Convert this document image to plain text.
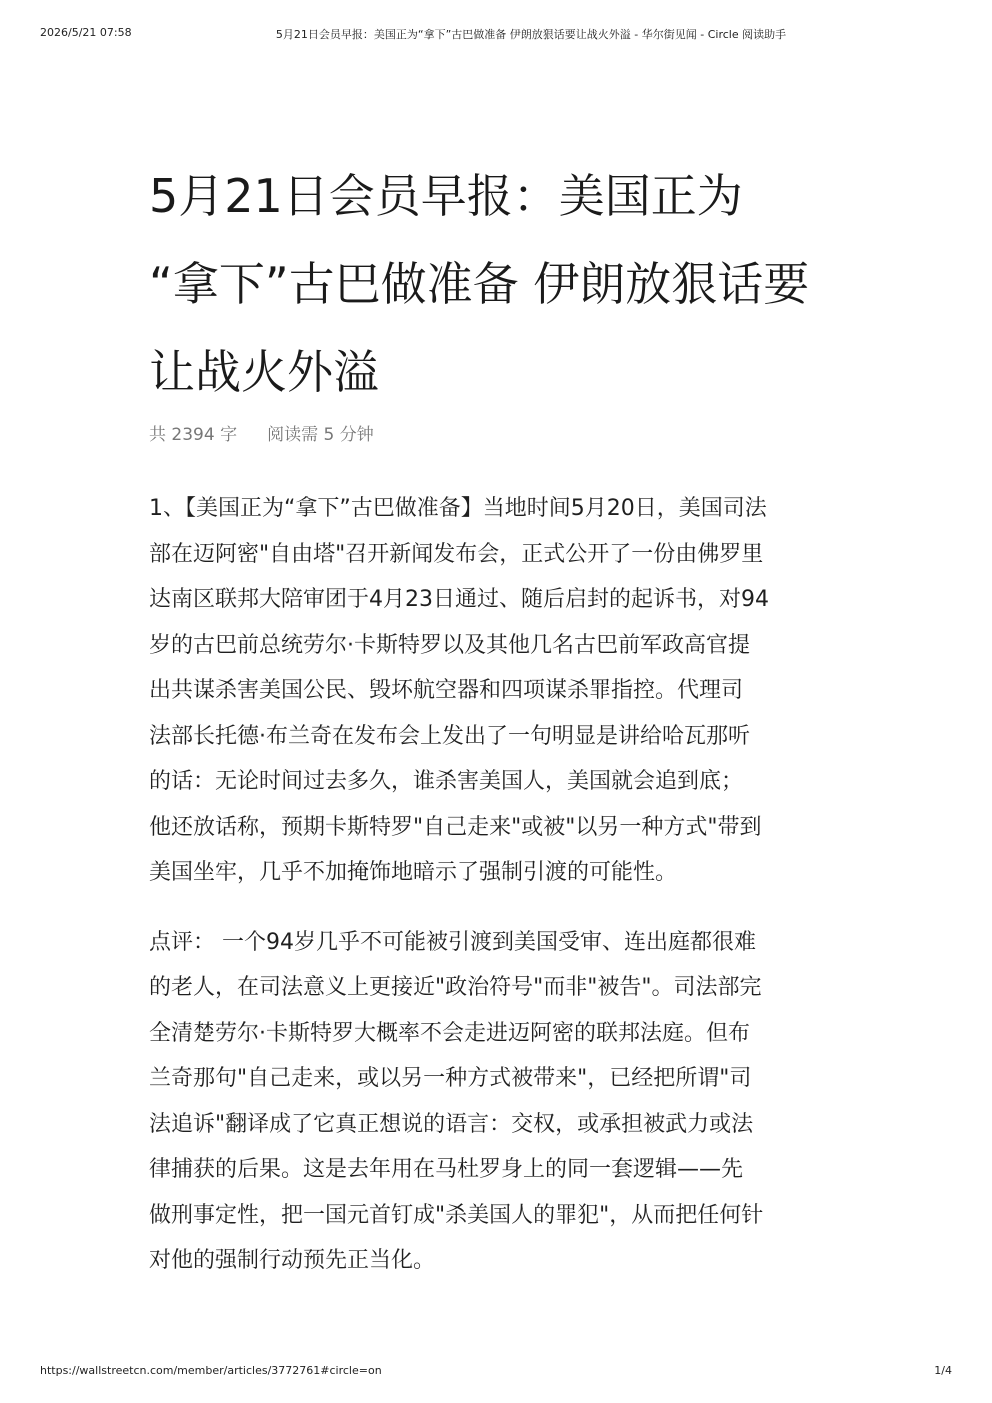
2026/5/21 07:58	5月21日会员早报：美国正为“拿下”古巴做准备 伊朗放狠话要让战火外溢 - 华尔街见闻 - Circle 阅读助手
5月21日会员早报：美国正为
“拿下”古巴做准备 伊朗放狠话要
让战火外溢
共 2394 字 阅读需 5 分钟

1、【美国正为“拿下”古巴做准备】当地时间5月20日，美国司法
部在迈阿密"自由塔"召开新闻发布会，正式公开了一份由佛罗里
达南区联邦大陪审团于4月23日通过、随后启封的起诉书，对94
岁的古巴前总统劳尔·卡斯特罗以及其他几名古巴前军政高官提
出共谋杀害美国公民、毁坏航空器和四项谋杀罪指控。代理司
法部长托德·布兰奇在发布会上发出了一句明显是讲给哈瓦那听
的话：无论时间过去多久，谁杀害美国人，美国就会追到底；
他还放话称，预期卡斯特罗"自己走来"或被"以另一种方式"带到
美国坐牢，几乎不加掩饰地暗示了强制引渡的可能性。

点评： 一个94岁几乎不可能被引渡到美国受审、连出庭都很难
的老人，在司法意义上更接近"政治符号"而非"被告"。司法部完
全清楚劳尔·卡斯特罗大概率不会走进迈阿密的联邦法庭。但布
兰奇那句"自己走来，或以另一种方式被带来"，已经把所谓"司
法追诉"翻译成了它真正想说的语言：交权，或承担被武力或法
律捕获的后果。这是去年用在马杜罗身上的同一套逻辑——先
做刑事定性，把一国元首钉成"杀美国人的罪犯"，从而把任何针
对他的强制行动预先正当化。

https://wallstreetcn.com/member/articles/3772761#circle=on	1/4
